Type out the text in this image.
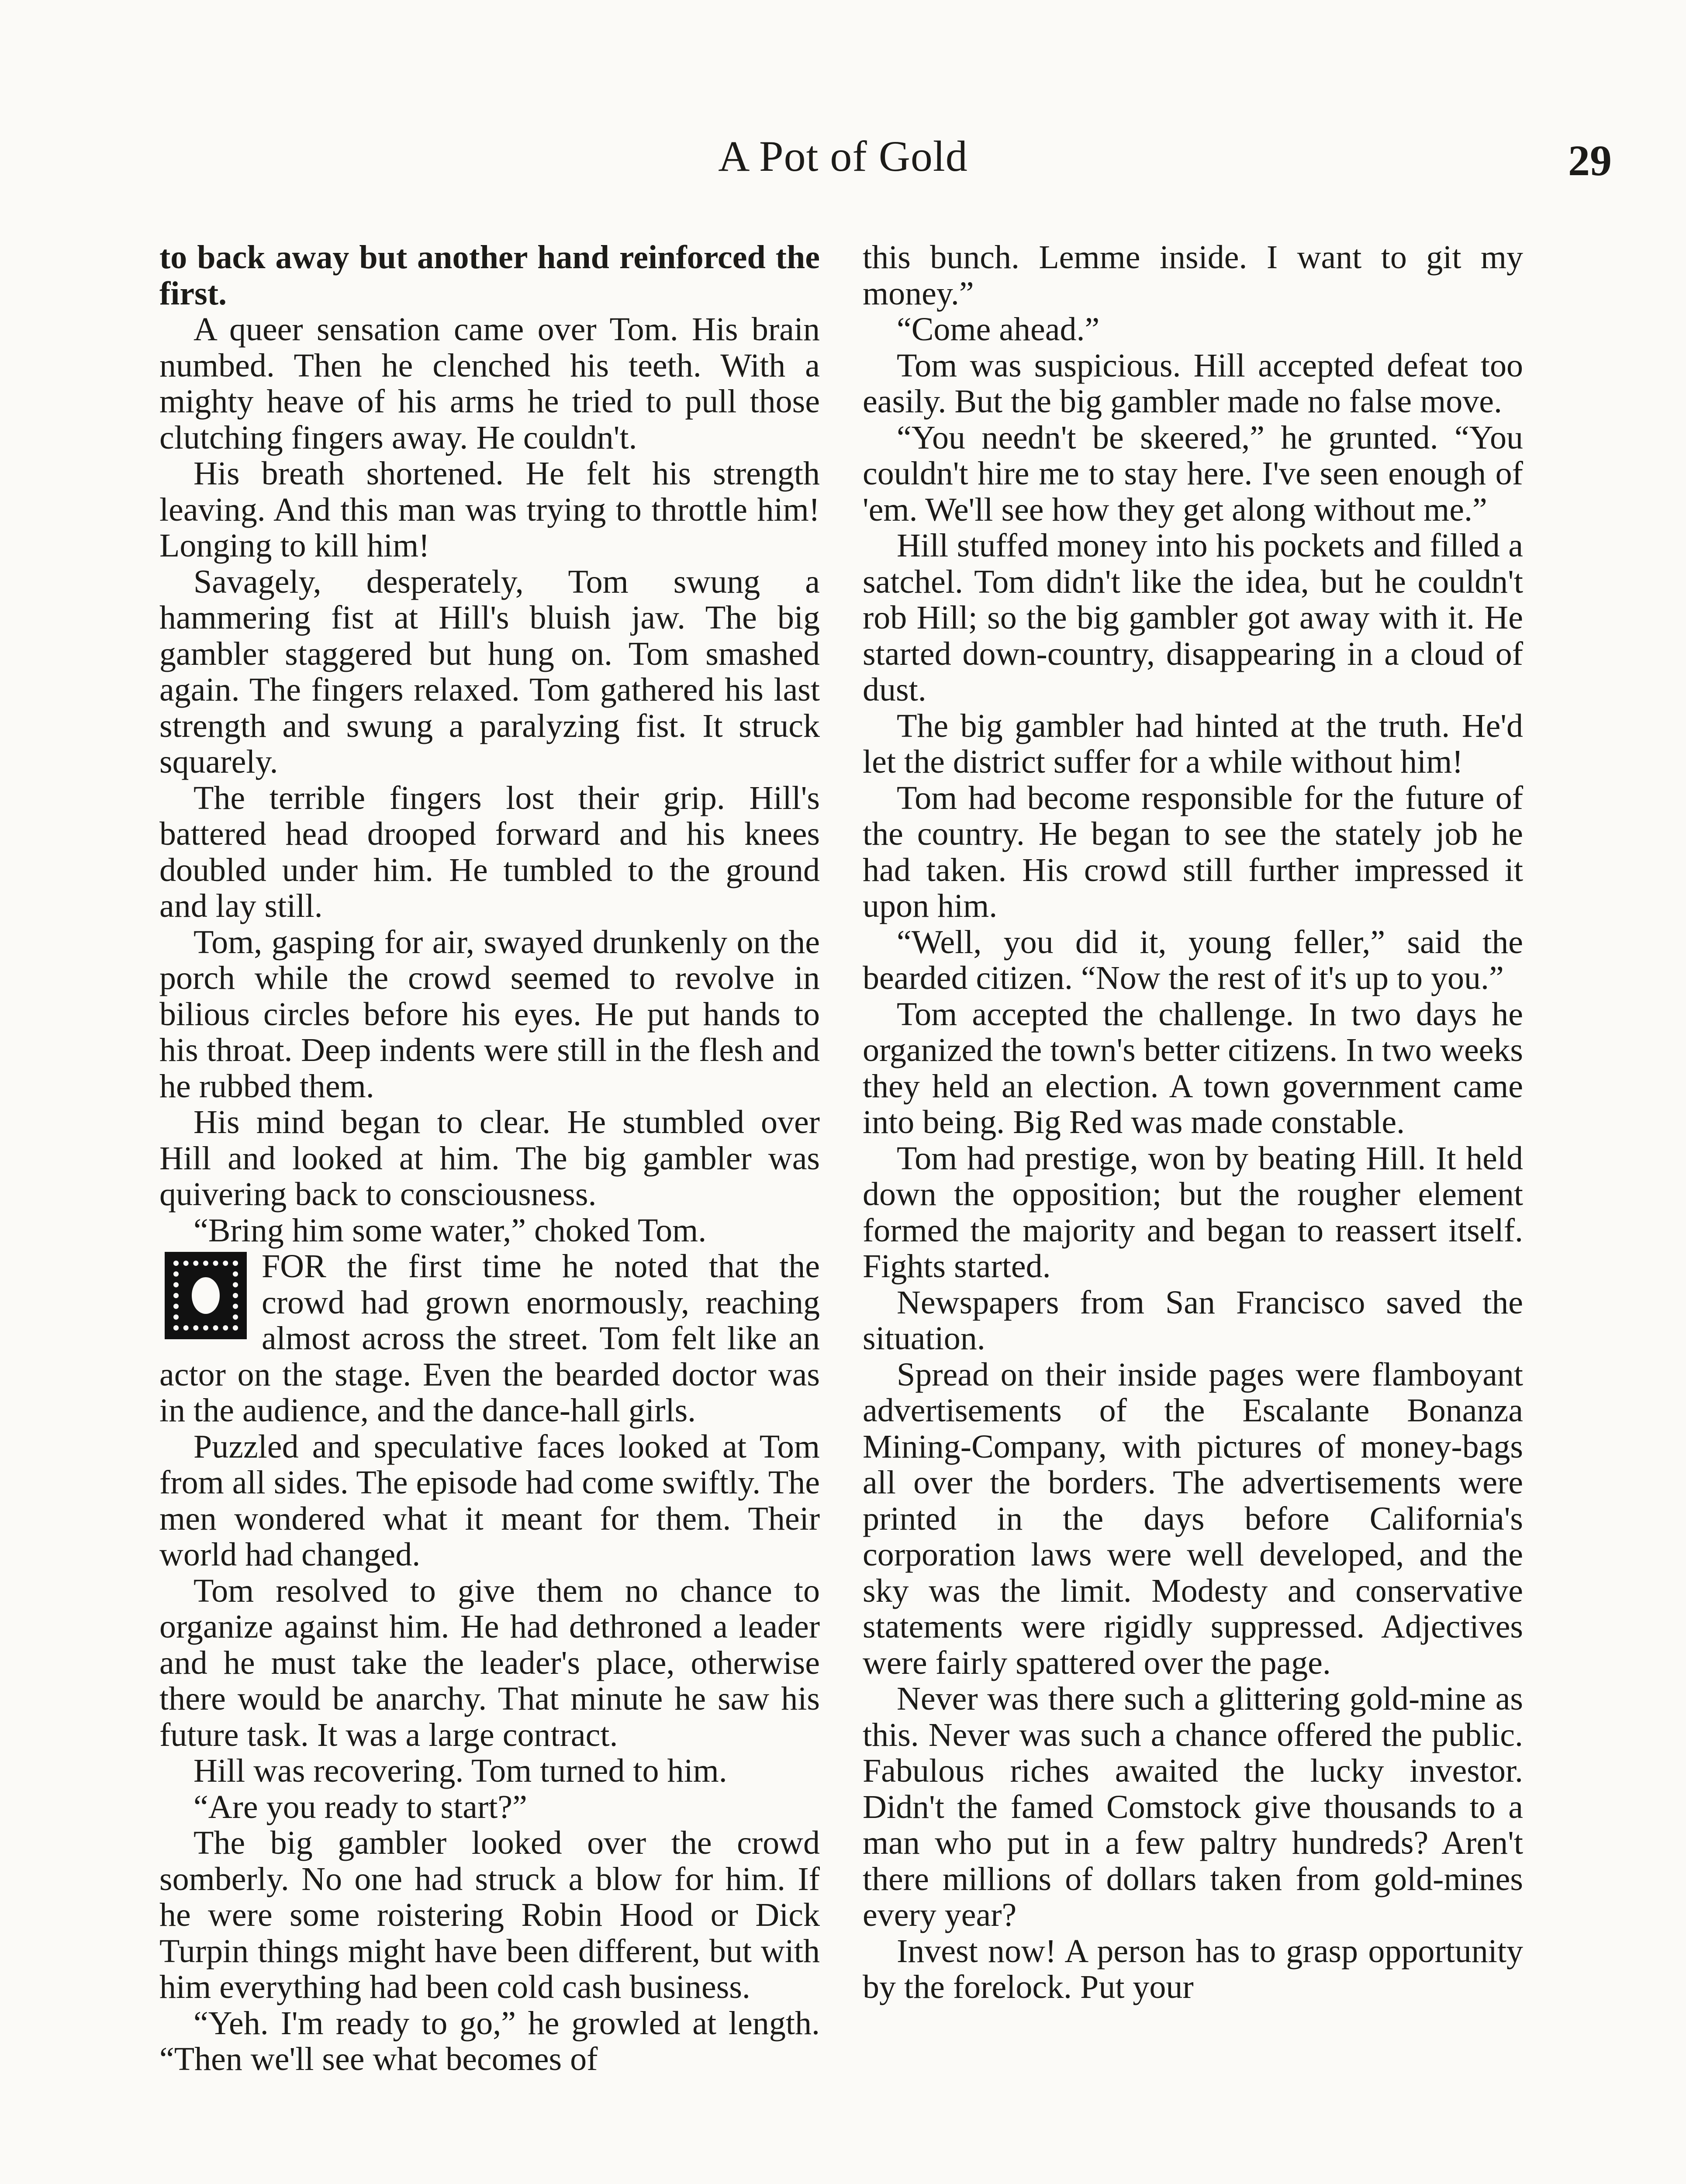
A Pot of Gold	29

to back away but another hand reinforced the first.

A queer sensation came over Tom. His brain numbed. Then he clenched his teeth. With a mighty heave of his arms he tried to pull those clutching fingers away. He couldn't.

His breath shortened. He felt his strength leaving. And this man was trying to throttle him! Longing to kill him!

Savagely, desperately, Tom swung a hammering fist at Hill's bluish jaw. The big gambler staggered but hung on. Tom smashed again. The fingers relaxed. Tom gathered his last strength and swung a paralyzing fist. It struck squarely.

The terrible fingers lost their grip. Hill's battered head drooped forward and his knees doubled under him. He tumbled to the ground and lay still.

Tom, gasping for air, swayed drunkenly on the porch while the crowd seemed to revolve in bilious circles before his eyes. He put hands to his throat. Deep indents were still in the flesh and he rubbed them.

His mind began to clear. He stumbled over Hill and looked at him. The big gambler was quivering back to consciousness.

“Bring him some water,” choked Tom.

FOR the first time he noted that the crowd had grown enormously, reaching almost across the street. Tom felt like an actor on the stage. Even the bearded doctor was in the audience, and the dance-hall girls.

Puzzled and speculative faces looked at Tom from all sides. The episode had come swiftly. The men wondered what it meant for them. Their world had changed.

Tom resolved to give them no chance to organize against him. He had dethroned a leader and he must take the leader's place, otherwise there would be anarchy. That minute he saw his future task. It was a large contract.

Hill was recovering. Tom turned to him.

“Are you ready to start?”

The big gambler looked over the crowd somberly. No one had struck a blow for him. If he were some roistering Robin Hood or Dick Turpin things might have been different, but with him everything had been cold cash business.

“Yeh. I'm ready to go,” he growled at length. “Then we'll see what becomes of

this bunch. Lemme inside. I want to git my money.”

“Come ahead.”

Tom was suspicious. Hill accepted defeat too easily. But the big gambler made no false move.

“You needn't be skeered,” he grunted. “You couldn't hire me to stay here. I've seen enough of 'em. We'll see how they get along without me.”

Hill stuffed money into his pockets and filled a satchel. Tom didn't like the idea, but he couldn't rob Hill; so the big gambler got away with it. He started down-country, disappearing in a cloud of dust.

The big gambler had hinted at the truth. He'd let the district suffer for a while without him!

Tom had become responsible for the future of the country. He began to see the stately job he had taken. His crowd still further impressed it upon him.

“Well, you did it, young feller,” said the bearded citizen. “Now the rest of it's up to you.”

Tom accepted the challenge. In two days he organized the town's better citizens. In two weeks they held an election. A town government came into being. Big Red was made constable.

Tom had prestige, won by beating Hill. It held down the opposition; but the rougher element formed the majority and began to reassert itself. Fights started.

Newspapers from San Francisco saved the situation.

Spread on their inside pages were flamboyant advertisements of the Escalante Bonanza Mining-Company, with pictures of money-bags all over the borders. The advertisements were printed in the days before California's corporation laws were well developed, and the sky was the limit. Modesty and conservative statements were rigidly suppressed. Adjectives were fairly spattered over the page.

Never was there such a glittering gold-mine as this. Never was such a chance offered the public. Fabulous riches awaited the lucky investor. Didn't the famed Comstock give thousands to a man who put in a few paltry hundreds? Aren't there millions of dollars taken from gold-mines every year?

Invest now! A person has to grasp opportunity by the forelock. Put your
